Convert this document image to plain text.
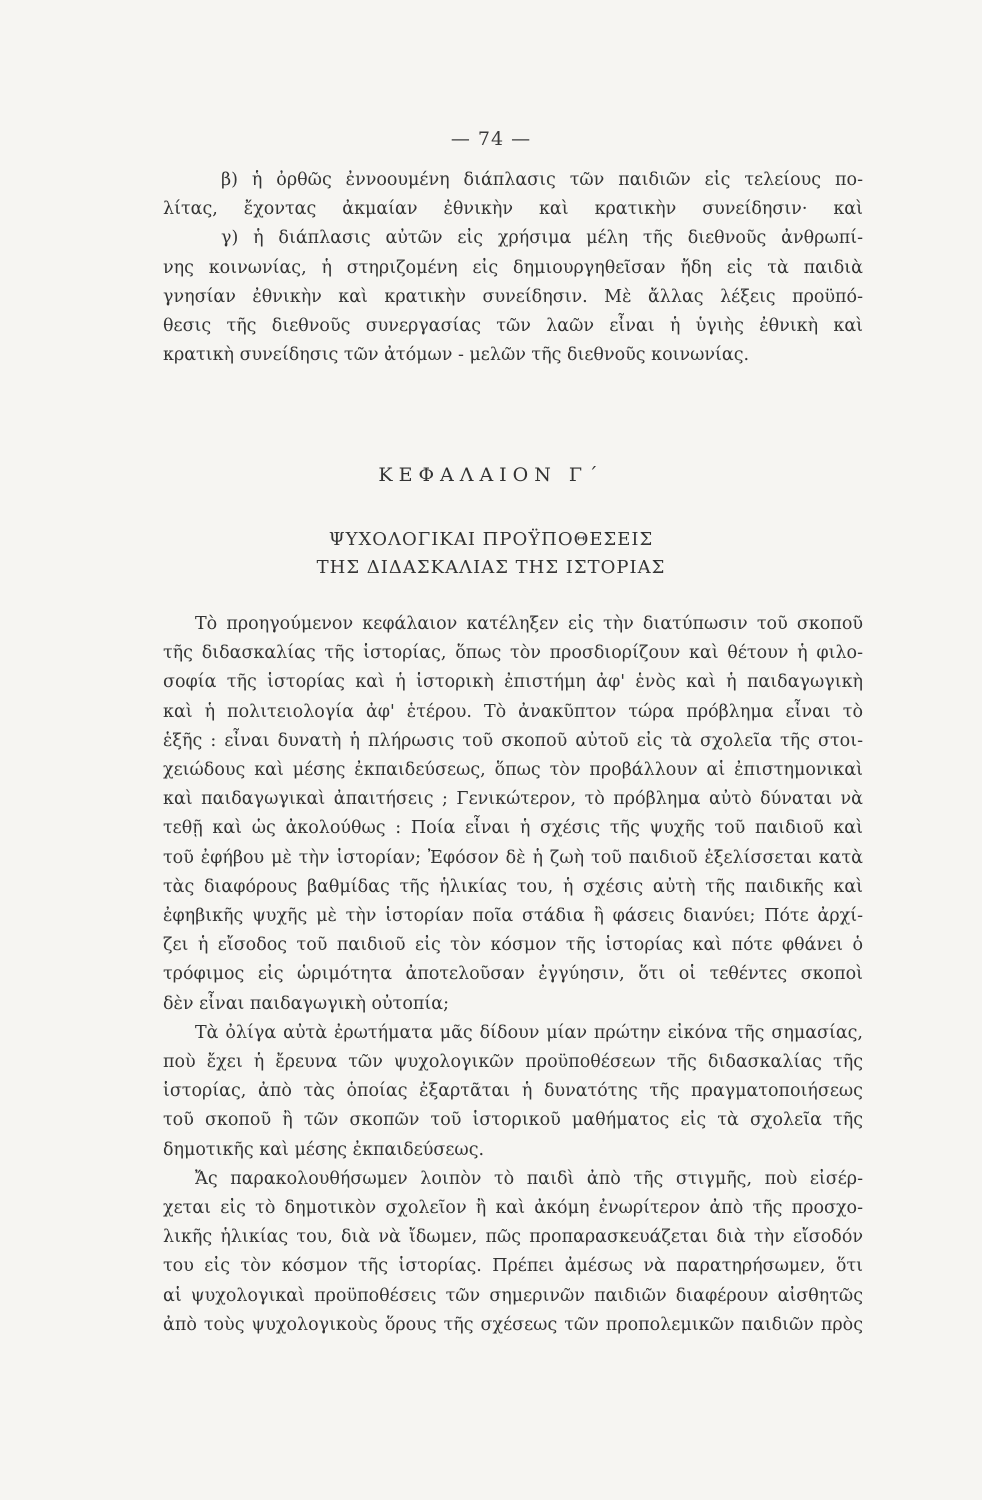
— 74 —

β) ἡ ὀρθῶς ἐννοουμένη διάπλασις τῶν παιδιῶν εἰς τελείους πο-

λίτας, ἔχοντας ἀκμαίαν ἐθνικὴν καὶ κρατικὴν συνείδησιν· καὶ

γ) ἡ διάπλασις αὐτῶν εἰς χρήσιμα μέλη τῆς διεθνοῦς ἀνθρωπί-

νης κοινωνίας, ἡ στηριζομένη εἰς δημιουργηθεῖσαν ἤδη εἰς τὰ παιδιὰ

γνησίαν ἐθνικὴν καὶ κρατικὴν συνείδησιν. Μὲ ἄλλας λέξεις προϋπό-

θεσις τῆς διεθνοῦς συνεργασίας τῶν λαῶν εἶναι ἡ ὑγιὴς ἐθνικὴ καὶ

κρατικὴ συνείδησις τῶν ἀτόμων - μελῶν τῆς διεθνοῦς κοινωνίας.

ΚΕΦΑΛΑΙΟΝ Γ΄
ΨΥΧΟΛΟΓΙΚΑΙ ΠΡΟΫΠΟΘΕΣΕΙΣ
ΤΗΣ ΔΙΔΑΣΚΑΛΙΑΣ ΤΗΣ ΙΣΤΟΡΙΑΣ

Τὸ προηγούμενον κεφάλαιον κατέληξεν εἰς τὴν διατύπωσιν τοῦ σκοποῦ

τῆς διδασκαλίας τῆς ἱστορίας, ὅπως τὸν προσδιορίζουν καὶ θέτουν ἡ φιλο-

σοφία τῆς ἱστορίας καὶ ἡ ἱστορικὴ ἐπιστήμη ἀφ' ἑνὸς καὶ ἡ παιδαγωγικὴ

καὶ ἡ πολιτειολογία ἀφ' ἑτέρου. Τὸ ἀνακῦπτον τώρα πρόβλημα εἶναι τὸ

ἑξῆς : εἶναι δυνατὴ ἡ πλήρωσις τοῦ σκοποῦ αὐτοῦ εἰς τὰ σχολεῖα τῆς στοι-

χειώδους καὶ μέσης ἐκπαιδεύσεως, ὅπως τὸν προβάλλουν αἱ ἐπιστημονικαὶ

καὶ παιδαγωγικαὶ ἀπαιτήσεις ; Γενικώτερον, τὸ πρόβλημα αὐτὸ δύναται νὰ

τεθῇ καὶ ὡς ἀκολούθως : Ποία εἶναι ἡ σχέσις τῆς ψυχῆς τοῦ παιδιοῦ καὶ

τοῦ ἐφήβου μὲ τὴν ἱστορίαν; Ἐφόσον δὲ ἡ ζωὴ τοῦ παιδιοῦ ἐξελίσσεται κατὰ

τὰς διαφόρους βαθμίδας τῆς ἡλικίας του, ἡ σχέσις αὐτὴ τῆς παιδικῆς καὶ

ἐφηβικῆς ψυχῆς μὲ τὴν ἱστορίαν ποῖα στάδια ἢ φάσεις διανύει; Πότε ἀρχί-

ζει ἡ εἴσοδος τοῦ παιδιοῦ εἰς τὸν κόσμον τῆς ἱστορίας καὶ πότε φθάνει ὁ

τρόφιμος εἰς ὡριμότητα ἀποτελοῦσαν ἐγγύησιν, ὅτι οἱ τεθέντες σκοποὶ

δὲν εἶναι παιδαγωγικὴ οὐτοπία;

Τὰ ὀλίγα αὐτὰ ἐρωτήματα μᾶς δίδουν μίαν πρώτην εἰκόνα τῆς σημασίας,

ποὺ ἔχει ἡ ἔρευνα τῶν ψυχολογικῶν προϋποθέσεων τῆς διδασκαλίας τῆς

ἱστορίας, ἀπὸ τὰς ὁποίας ἐξαρτᾶται ἡ δυνατότης τῆς πραγματοποιήσεως

τοῦ σκοποῦ ἢ τῶν σκοπῶν τοῦ ἱστορικοῦ μαθήματος εἰς τὰ σχολεῖα τῆς

δημοτικῆς καὶ μέσης ἐκπαιδεύσεως.

Ἄς παρακολουθήσωμεν λοιπὸν τὸ παιδὶ ἀπὸ τῆς στιγμῆς, ποὺ εἰσέρ-

χεται εἰς τὸ δημοτικὸν σχολεῖον ἢ καὶ ἀκόμη ἐνωρίτερον ἀπὸ τῆς προσχο-

λικῆς ἡλικίας του, διὰ νὰ ἴδωμεν, πῶς προπαρασκευάζεται διὰ τὴν εἴσοδόν

του εἰς τὸν κόσμον τῆς ἱστορίας. Πρέπει ἀμέσως νὰ παρατηρήσωμεν, ὅτι

αἱ ψυχολογικαὶ προϋποθέσεις τῶν σημερινῶν παιδιῶν διαφέρουν αἰσθητῶς

ἀπὸ τοὺς ψυχολογικοὺς ὅρους τῆς σχέσεως τῶν προπολεμικῶν παιδιῶν πρὸς
